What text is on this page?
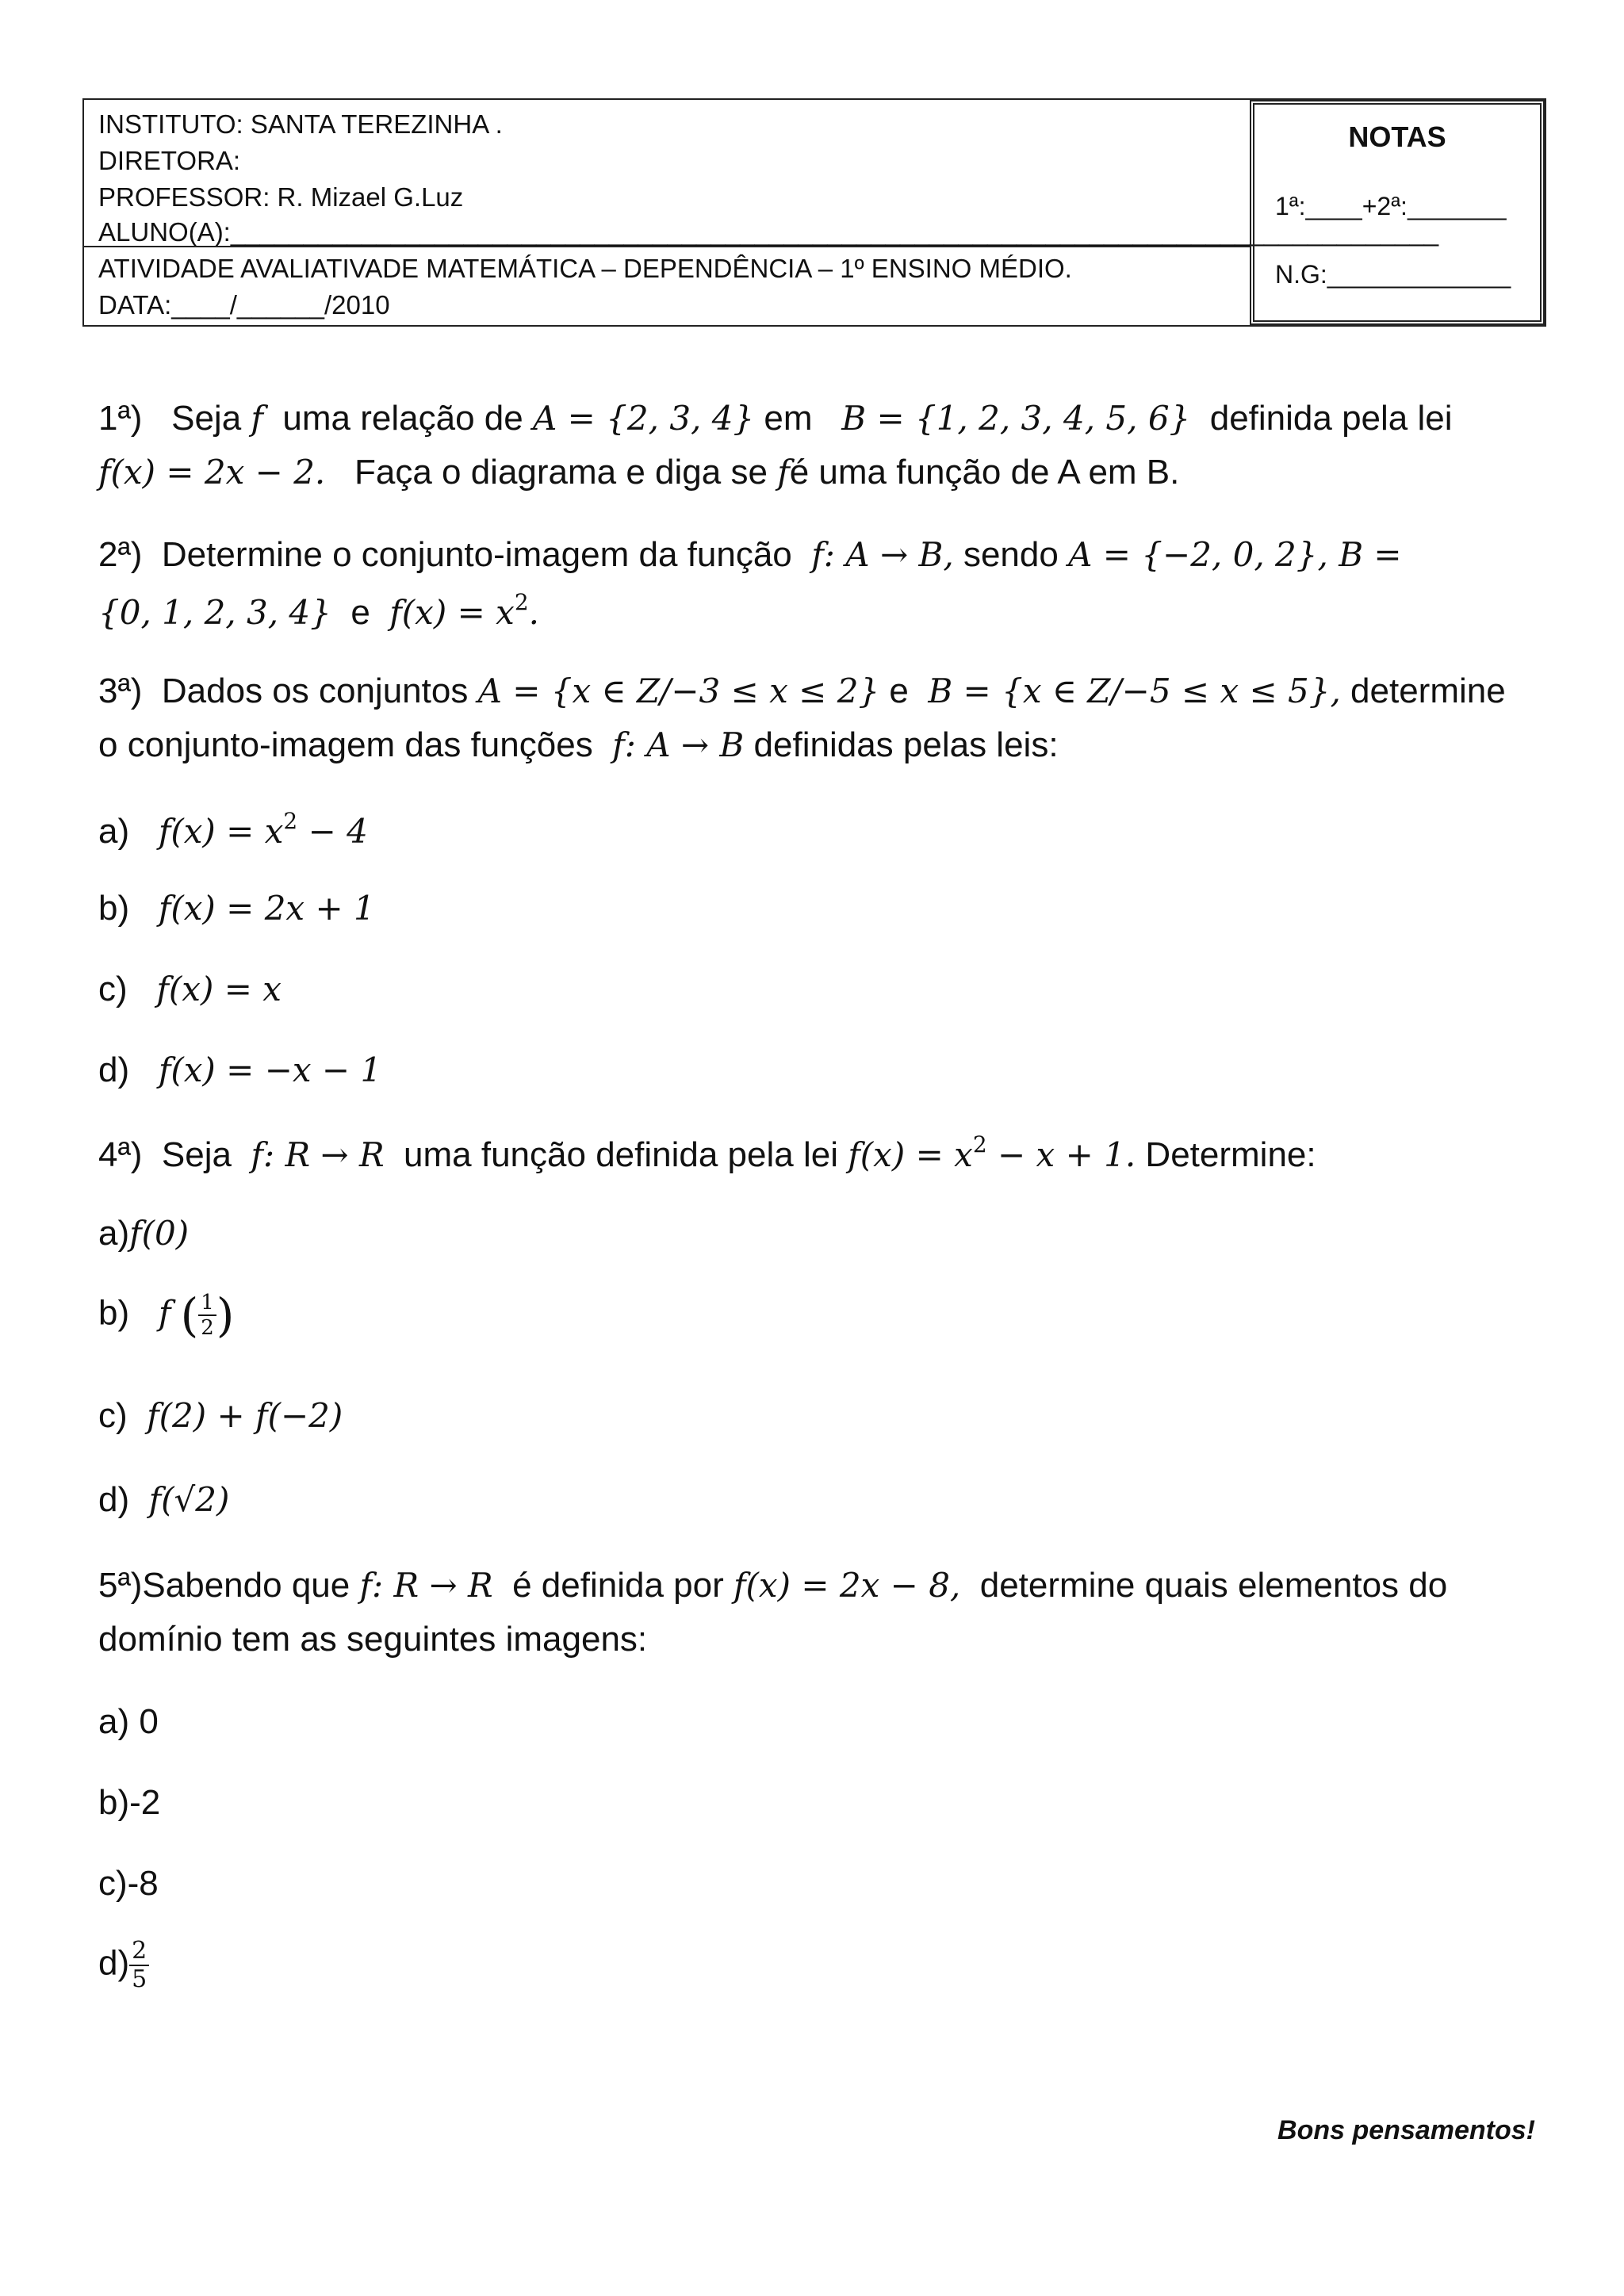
INSTITUTO: SANTA TEREZINHA .
DIRETORA:
PROFESSOR: R. Mizael G.Luz
ALUNO(A):___________________________________________________________________________________
ATIVIDADE AVALIATIVADE MATEMÁTICA – DEPENDÊNCIA – 1º ENSINO MÉDIO.
DATA:____/______/2010
NOTAS
1ª:____+2ª:_______
N.G:_____________
1ª) Seja f uma relação de A = {2, 3, 4} em B = {1, 2, 3, 4, 5, 6} definida pela lei
f(x) = 2x − 2. Faça o diagrama e diga se fé uma função de A em B.
2ª) Determine o conjunto-imagem da função f: A → B, sendo A = {−2, 0, 2}, B =
{0, 1, 2, 3, 4} e $f(x) = x^2$.
3ª) Dados os conjuntos A = {x ∈ Z/−3 ≤ x ≤ 2} e B = {x ∈ Z/−5 ≤ x ≤ 5}, determine
o conjunto-imagem das funções f: A → B definidas pelas leis:
a) $f(x) = x^2 - 4$
b) f(x) = 2x + 1
c) f(x) = x
d) f(x) = −x − 1
4ª) Seja f: R → R uma função definida pela lei $f(x) = x^2 - x + 1$. Determine:
a)f(0)
b) f ( $\frac{1}{2}$ )
c) f(2) + f(−2)
d) f(√2)
5ª)Sabendo que f: R → R é definida por f(x) = 2x − 8, determine quais elementos do
domínio tem as seguintes imagens:
a) 0
b)-2
c)-8
$d) \frac{2}{5}$
Bons pensamentos!
